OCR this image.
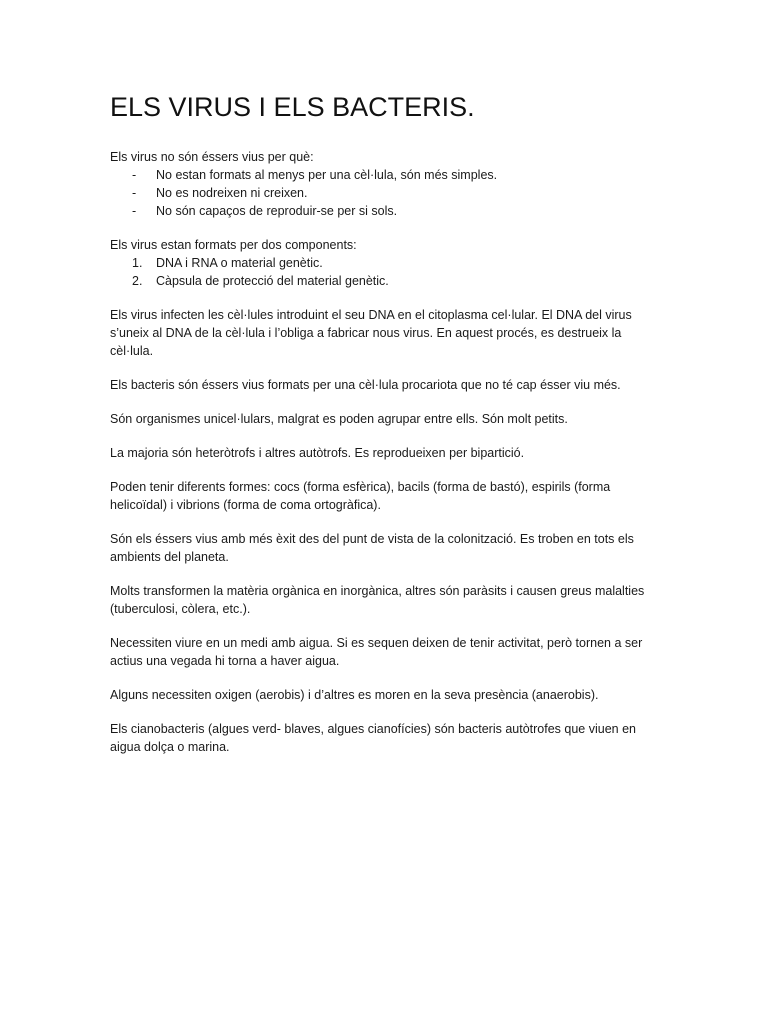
ELS VIRUS I ELS BACTERIS.

Els virus no són éssers vius per què:

- No estan formats al menys per una cèl·lula, són més simples.
- No es nodreixen ni creixen.
- No són capaços de reproduir-se per si sols.

Els virus estan formats per dos components:

1. DNA i RNA o material genètic.
2. Càpsula de protecció del material genètic.

Els virus infecten les cèl·lules introduint el seu DNA en el citoplasma cel·lular. El DNA del virus s’uneix al DNA de la cèl·lula i l’obliga a fabricar nous virus. En aquest procés, es destrueix la cèl·lula.

Els bacteris són éssers vius formats per una cèl·lula procariota que no té cap ésser viu més.

Són organismes unicel·lulars, malgrat es poden agrupar entre ells. Són molt petits.

La majoria són heteròtrofs i altres autòtrofs. Es reprodueixen per bipartició.

Poden tenir diferents formes: cocs (forma esfèrica), bacils (forma de bastó), espirils (forma helicoïdal) i vibrions (forma de coma ortogràfica).

Són els éssers vius amb més èxit des del punt de vista de la colonització. Es troben en tots els ambients del planeta.

Molts transformen la matèria orgànica en inorgànica, altres són paràsits i causen greus malalties (tuberculosi, còlera, etc.).

Necessiten viure en un medi amb aigua. Si es sequen deixen de tenir activitat, però tornen a ser actius una vegada hi torna a haver aigua.

Alguns necessiten oxigen (aerobis) i d’altres es moren en la seva presència (anaerobis).

Els cianobacteris (algues verd- blaves, algues cianofícies) són bacteris autòtrofes que viuen en aigua dolça o marina.
